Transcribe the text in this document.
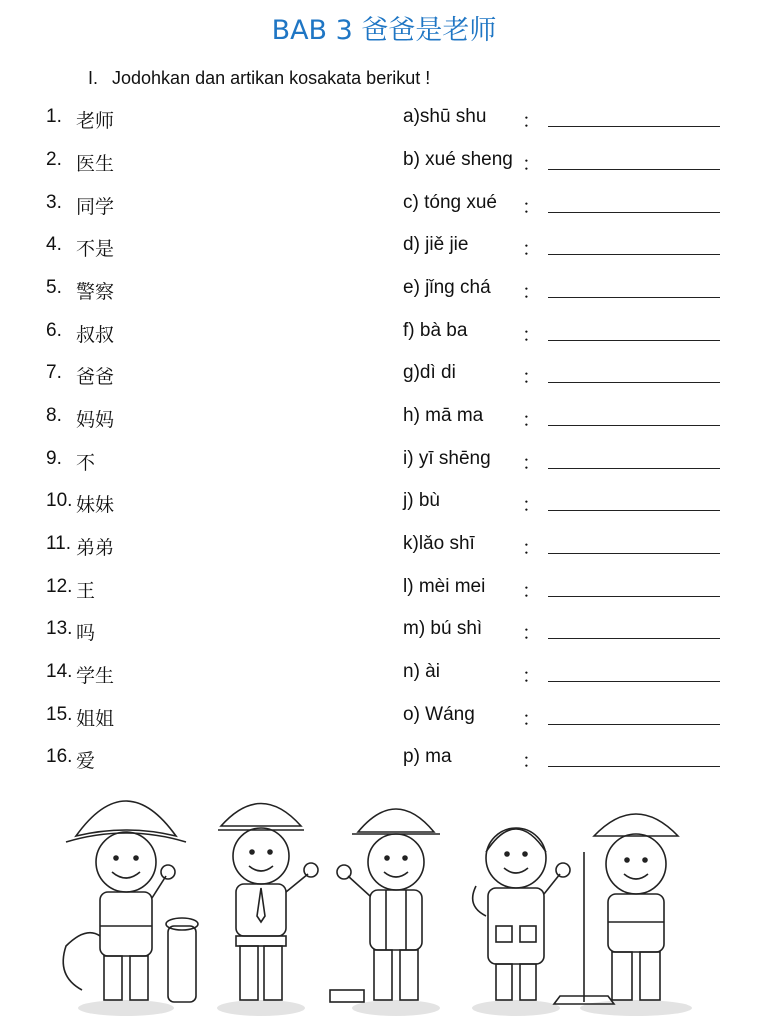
BAB 3 爸爸是老师
I. Jodohkan dan artikan kosakata berikut !
1. 老师	a)shū shu ：
2. 医生	b) xué sheng ：
3. 同学	c) tóng xué ：
4. 不是	d) jiě jie	：
5. 警察	e) jǐng chá ：
6. 叔叔	f) bà ba	：
7. 爸爸	g)dì di	：
8. 妈妈	h) mā ma ：
9. 不	i) yī shēng ：
10. 妹妹	j) bù	：
11. 弟弟	k)lǎo shī ：
12. 王	l) mèi mei ：
13. 吗	m) bú shì ：
14. 学生	n) ài	：
15. 姐姐	o) Wáng ：
16. 爱	p) ma	：
